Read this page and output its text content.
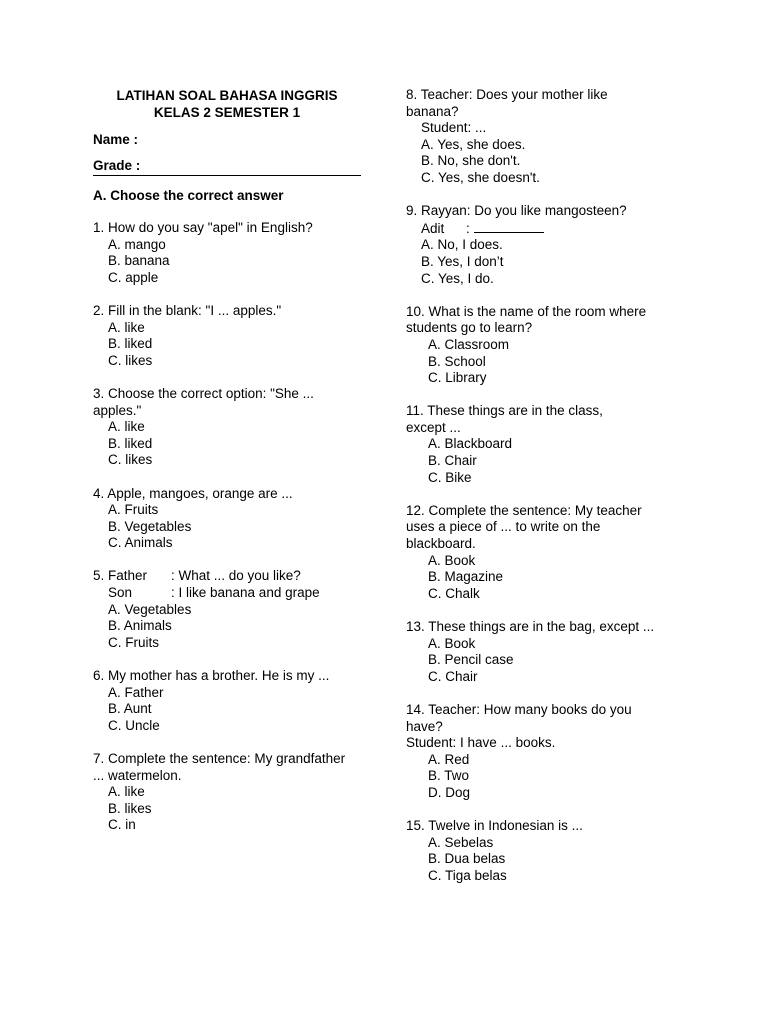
LATIHAN SOAL BAHASA INGGRIS
KELAS 2 SEMESTER 1
Name :
Grade :
A. Choose the correct answer
1. How do you say "apel" in English?
A. mango
B. banana
C. apple
2. Fill in the blank: "I ... apples."
A. like
B. liked
C. likes
3. Choose the correct option: "She ...
apples."
A. like
B. liked
C. likes
4. Apple, mangoes, orange are ...
A. Fruits
B. Vegetables
C. Animals
5. Father : What ... do you like?
Son	: I like banana and grape
A. Vegetables
B. Animals
C. Fruits
6. My mother has a brother. He is my ...
A. Father
B. Aunt
C. Uncle
7. Complete the sentence: My grandfather
... watermelon.
A. like
B. likes
C. in
8. Teacher: Does your mother like
banana?
Student: ...
A. Yes, she does.
B. No, she don't.
C. Yes, she doesn't.
9. Rayyan: Do you like mangosteen?
Adit :
A. No, I does.
B. Yes, I don’t
C. Yes, I do.
10. What is the name of the room where
students go to learn?
A. Classroom
B. School
C. Library
11. These things are in the class,
except ...
A. Blackboard
B. Chair
C. Bike
12. Complete the sentence: My teacher
uses a piece of ... to write on the
blackboard.
A. Book
B. Magazine
C. Chalk
13. These things are in the bag, except ...
A. Book
B. Pencil case
C. Chair
14. Teacher: How many books do you
have?
Student: I have ... books.
A. Red
B. Two
D. Dog
15. Twelve in Indonesian is ...
A. Sebelas
B. Dua belas
C. Tiga belas
